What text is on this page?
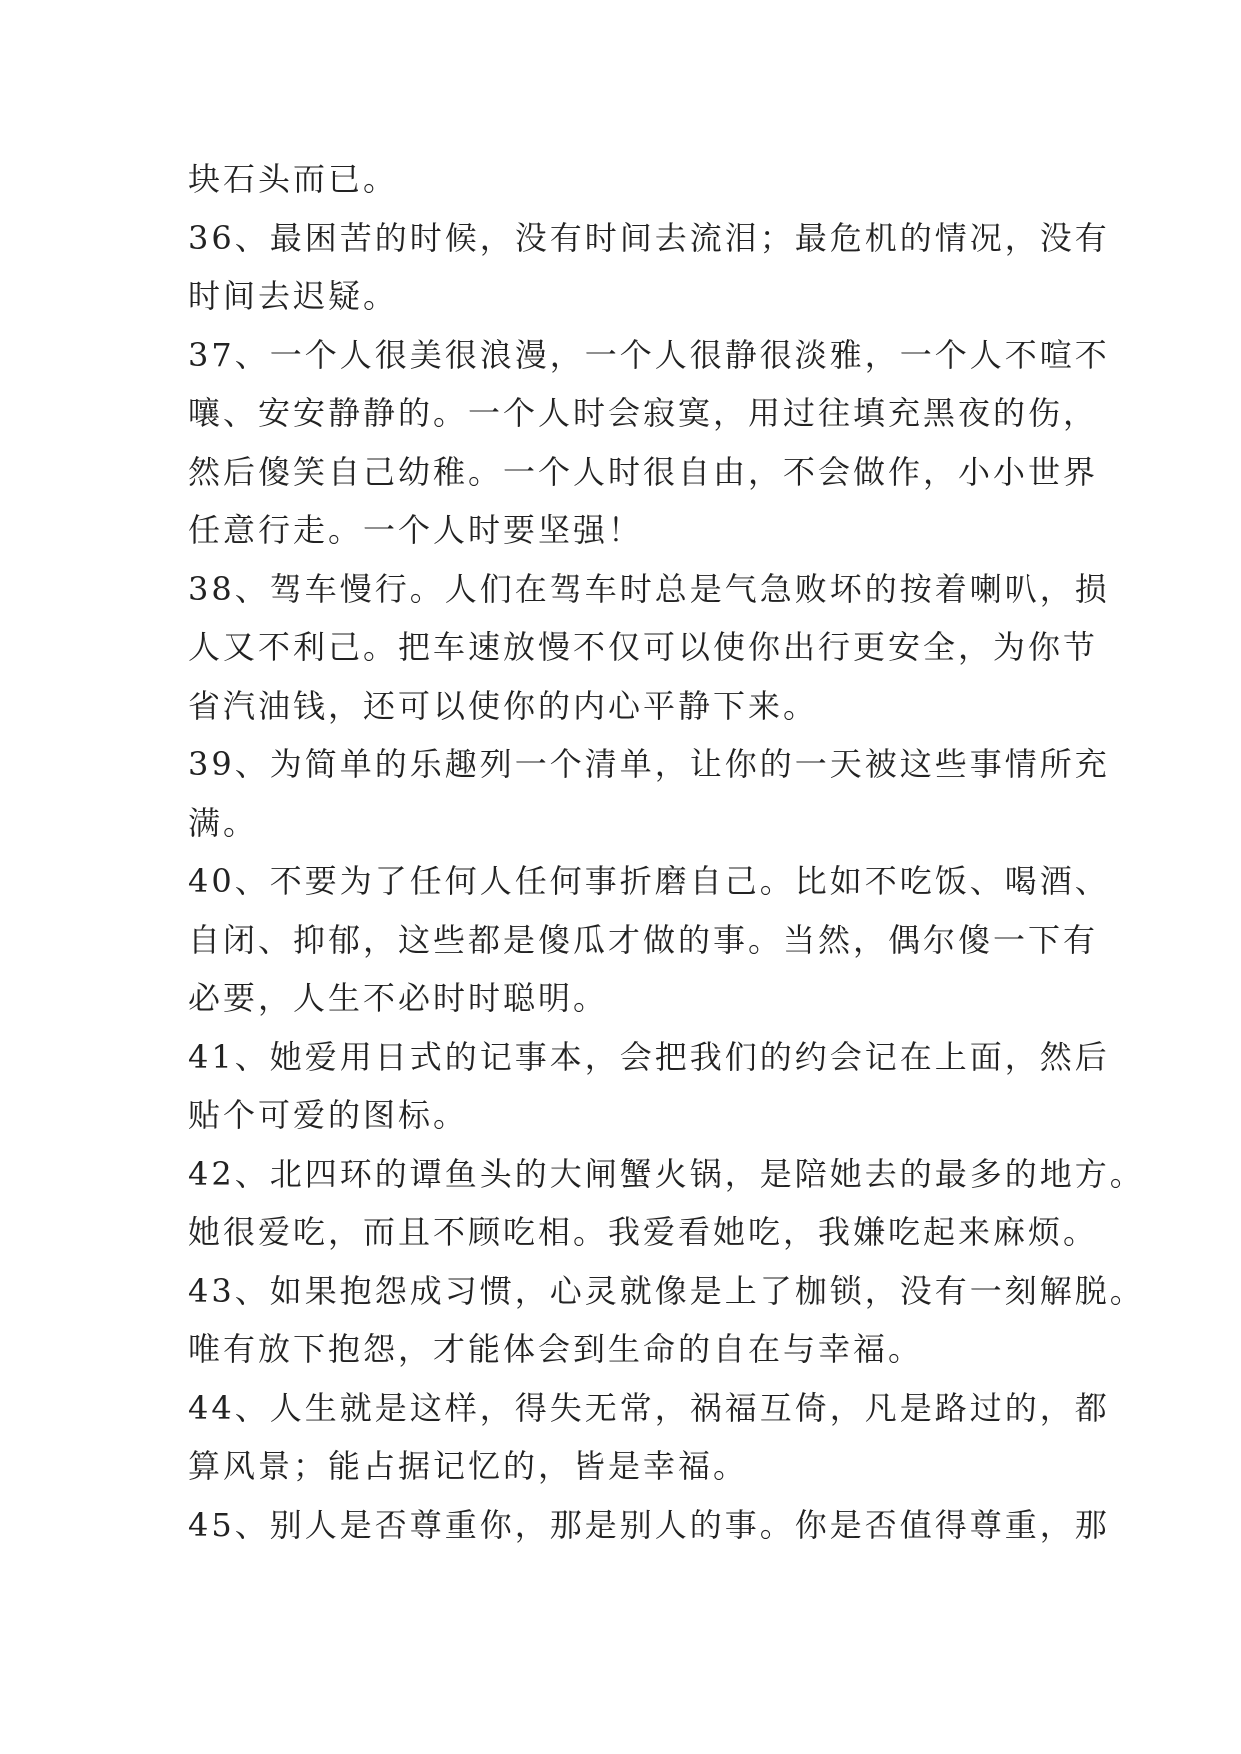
块石头而已。
36、最困苦的时候，没有时间去流泪；最危机的情况，没有
时间去迟疑。
37、一个人很美很浪漫，一个人很静很淡雅，一个人不喧不
嚷、安安静静的。一个人时会寂寞，用过往填充黑夜的伤，
然后傻笑自己幼稚。一个人时很自由，不会做作，小小世界
任意行走。一个人时要坚强！
38、驾车慢行。人们在驾车时总是气急败坏的按着喇叭，损
人又不利己。把车速放慢不仅可以使你出行更安全，为你节
省汽油钱，还可以使你的内心平静下来。
39、为简单的乐趣列一个清单，让你的一天被这些事情所充
满。
40、不要为了任何人任何事折磨自己。比如不吃饭、喝酒、
自闭、抑郁，这些都是傻瓜才做的事。当然，偶尔傻一下有
必要，人生不必时时聪明。
41、她爱用日式的记事本，会把我们的约会记在上面，然后
贴个可爱的图标。
42、北四环的谭鱼头的大闸蟹火锅，是陪她去的最多的地方。
她很爱吃，而且不顾吃相。我爱看她吃，我嫌吃起来麻烦。
43、如果抱怨成习惯，心灵就像是上了枷锁，没有一刻解脱。
唯有放下抱怨，才能体会到生命的自在与幸福。
44、人生就是这样，得失无常，祸福互倚，凡是路过的，都
算风景；能占据记忆的，皆是幸福。
45、别人是否尊重你，那是别人的事。你是否值得尊重，那
